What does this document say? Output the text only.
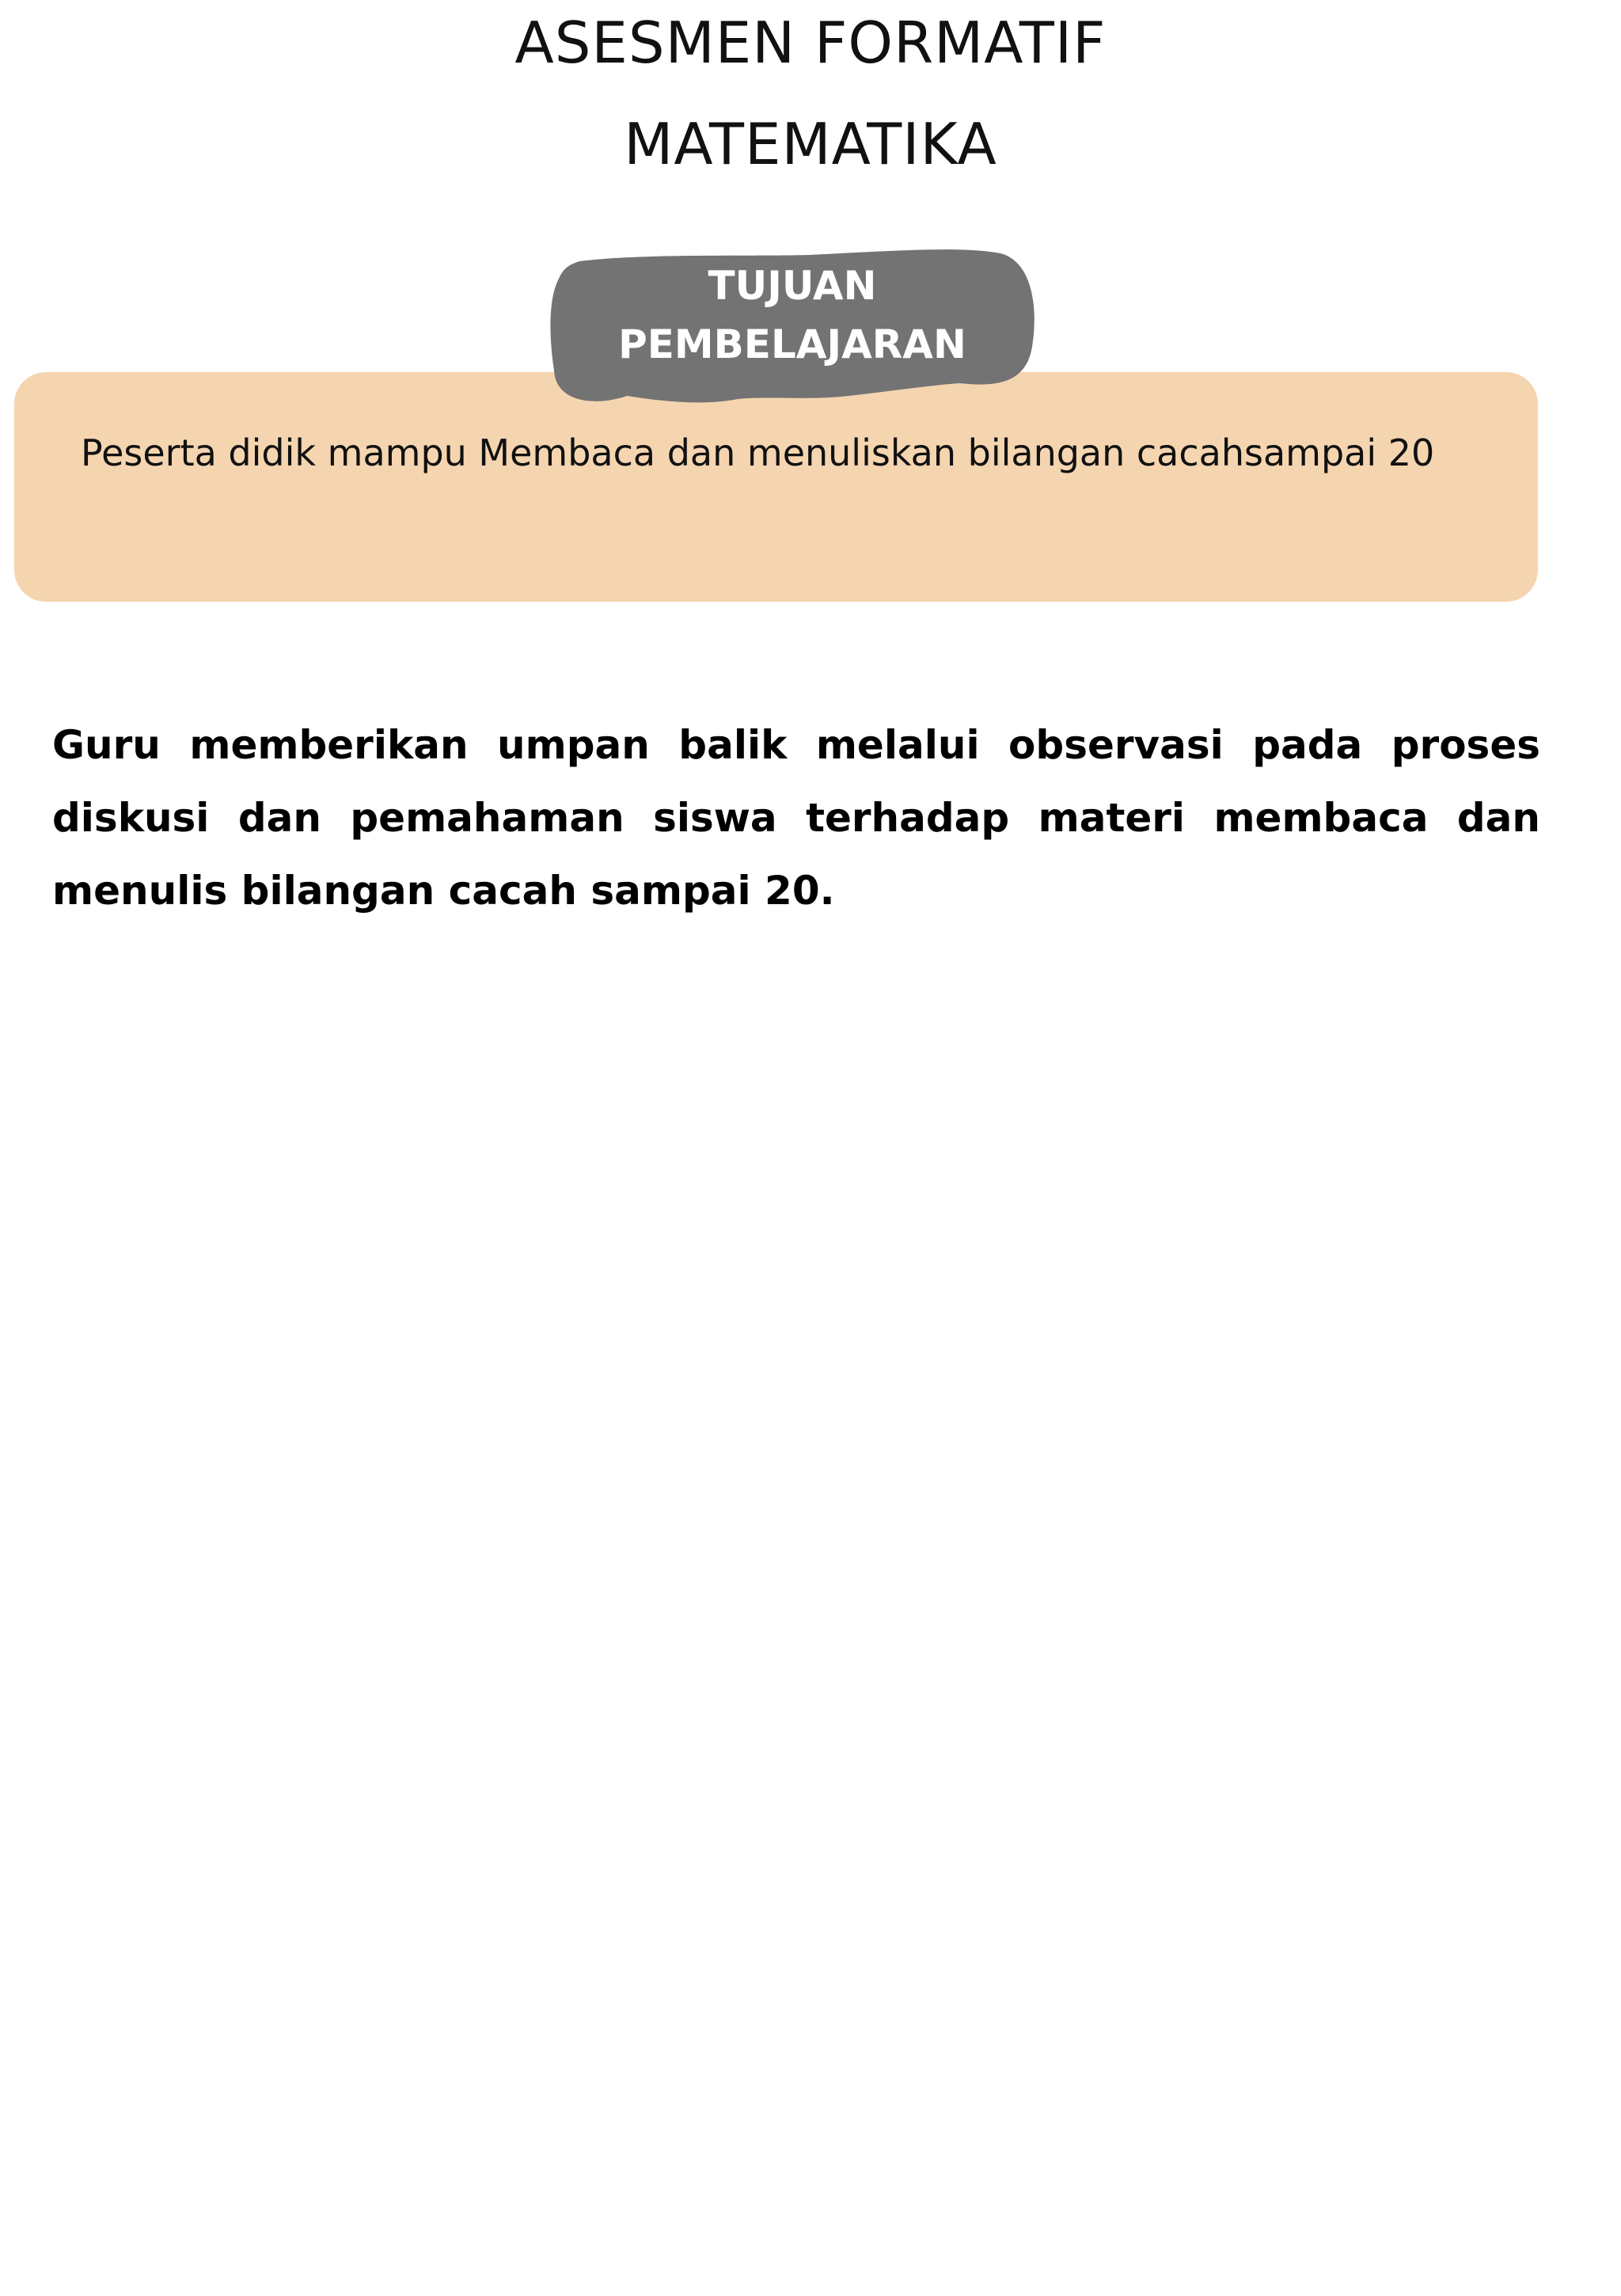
ASESMEN FORMATIF
MATEMATIKA
Peserta didik mampu Membaca dan menuliskan bilangan cacahsampai 20
TUJUAN PEMBELAJARAN
Guru memberikan umpan balik melalui observasi pada proses diskusi dan pemahaman siswa terhadap materi membaca dan menulis bilangan cacah sampai 20.
